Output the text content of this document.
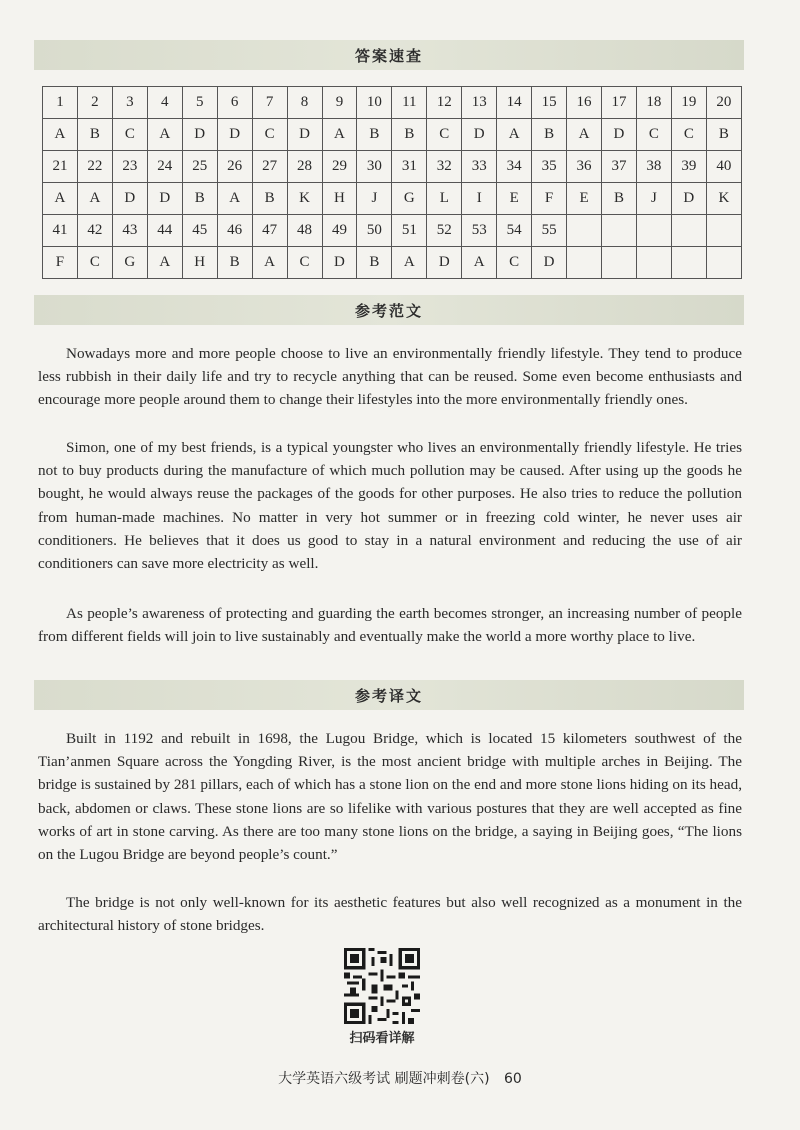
答案速查
1	2	3	4	5	6	7	8	9	10	11	12	13	14	15	16	17	18	19	20
A	B	C	A	D	D	C	D	A	B	B	C	D	A	B	A	D	C	C	B
21	22	23	24	25	26	27	28	29	30	31	32	33	34	35	36	37	38	39	40
A	A	D	D	B	A	B	K	H	J	G	L	I	E	F	E	B	J	D	K
41	42	43	44	45	46	47	48	49	50	51	52	53	54	55					
F	C	G	A	H	B	A	C	D	B	A	D	A	C	D					
参考范文

Nowadays more and more people choose to live an environmentally friendly lifestyle. They tend to produce less rubbish in their daily life and try to recycle anything that can be reused. Some even become enthusiasts and encourage more people around them to change their lifestyles into the more environmentally friendly ones.

Simon, one of my best friends, is a typical youngster who lives an environmentally friendly lifestyle. He tries not to buy products during the manufacture of which much pollution may be caused. After using up the goods he bought, he would always reuse the packages of the goods for other purposes. He also tries to reduce the pollution from human-made machines. No matter in very hot summer or in freezing cold winter, he never uses air conditioners. He believes that it does us good to stay in a natural environment and reducing the use of air conditioners can save more electricity as well.

As people’s awareness of protecting and guarding the earth becomes stronger, an increasing number of people from different fields will join to live sustainably and eventually make the world a more worthy place to live.

参考译文

Built in 1192 and rebuilt in 1698, the Lugou Bridge, which is located 15 kilometers southwest of the Tian’anmen Square across the Yongding River, is the most ancient bridge with multiple arches in Beijing. The bridge is sustained by 281 pillars, each of which has a stone lion on the end and more stone lions hiding on its head, back, abdomen or claws. These stone lions are so lifelike with various postures that they are well accepted as fine works of art in stone carving. As there are too many stone lions on the bridge, a saying in Beijing goes, “The lions on the Lugou Bridge are beyond people’s count.”

The bridge is not only well-known for its aesthetic features but also well recognized as a monument in the architectural history of stone bridges.

扫码看详解
大学英语六级考试 刷题冲刺卷(六) 60
